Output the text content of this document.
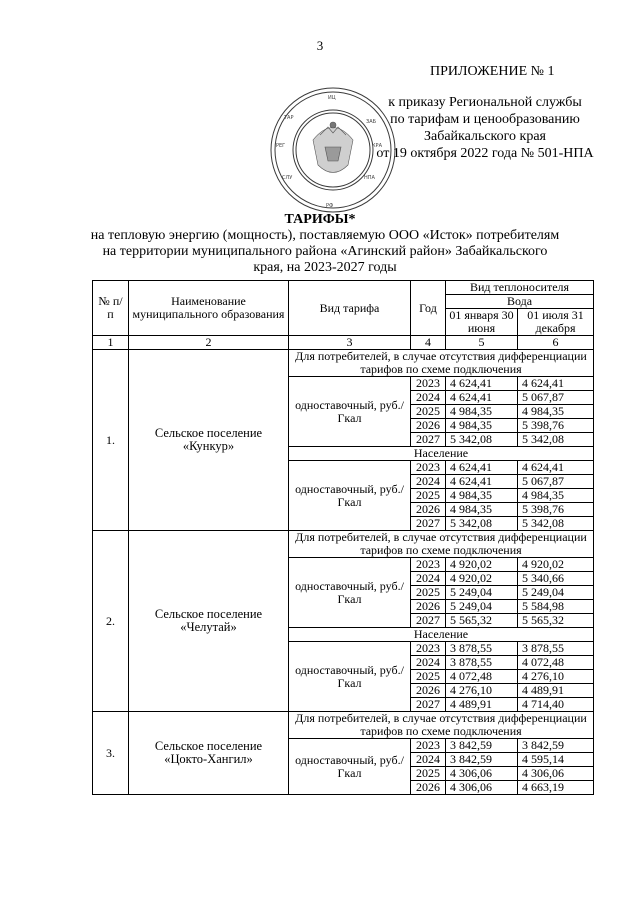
3
ИЦ
ЗАБ
КРА
НПА
РФ
СЛУ
РЕГ
ТАР
ПРИЛОЖЕНИЕ № 1
к приказу Региональной службы
по тарифам и ценообразованию
Забайкальского края
от 19 октября 2022 года № 501-НПА
ТАРИФЫ*
на тепловую энергию (мощность), поставляемую ООО «Исток» потребителям на территории муниципального района «Агинский район» Забайкальского края, на 2023-2027 годы
№ п/п	Наименование муниципального образования	Вид тарифа	Год	Вид теплоносителя	
				Вода	
				01 января 30 июня	01 июля 31 декабря
1	2	3	4	5	6
1.	Сельское поселение «Кункур»	Для потребителей, в случае отсутствия дифференциации тарифов по схеме подключения			
		одноставочный, руб./Гкал	2023	4 624,41	4 624,41
			2024	4 624,41	5 067,87
			2025	4 984,35	4 984,35
			2026	4 984,35	5 398,76
			2027	5 342,08	5 342,08
		Население			
		одноставочный, руб./Гкал	2023	4 624,41	4 624,41
			2024	4 624,41	5 067,87
			2025	4 984,35	4 984,35
			2026	4 984,35	5 398,76
			2027	5 342,08	5 342,08
2.	Сельское поселение «Челутай»	Для потребителей, в случае отсутствия дифференциации тарифов по схеме подключения			
		одноставочный, руб./Гкал	2023	4 920,02	4 920,02
			2024	4 920,02	5 340,66
			2025	5 249,04	5 249,04
			2026	5 249,04	5 584,98
			2027	5 565,32	5 565,32
		Население			
		одноставочный, руб./Гкал	2023	3 878,55	3 878,55
			2024	3 878,55	4 072,48
			2025	4 072,48	4 276,10
			2026	4 276,10	4 489,91
			2027	4 489,91	4 714,40
3.	Сельское поселение «Цокто-Хангил»	Для потребителей, в случае отсутствия дифференциации тарифов по схеме подключения			
		одноставочный, руб./Гкал	2023	3 842,59	3 842,59
			2024	3 842,59	4 595,14
			2025	4 306,06	4 306,06
			2026	4 306,06	4 663,19
